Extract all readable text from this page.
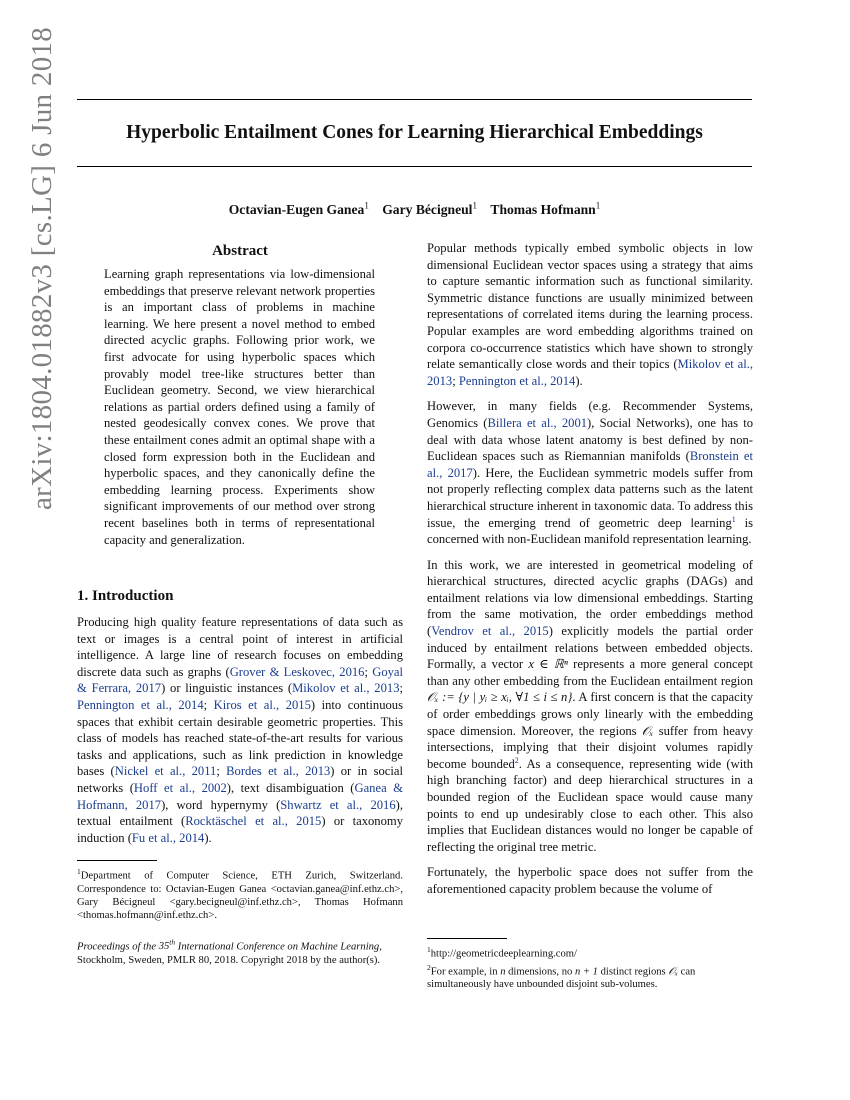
arXiv:1804.01882v3 [cs.LG] 6 Jun 2018	Hyperbolic Entailment Cones for Learning Hierarchical Embeddings
Octavian-Eugen Ganea$^1$ Gary Bécigneul$^1$ Thomas Hofmann$^1$
Abstract
Learning graph representations via low-dimensional embeddings that preserve relevant network properties is an important class of problems in machine learning. We here present a novel method to embed directed acyclic graphs. Following prior work, we first advocate for using hyperbolic spaces which provably model tree-like structures better than Euclidean geometry. Second, we view hierarchical relations as partial orders defined using a family of nested geodesically convex cones. We prove that these entailment cones admit an optimal shape with a closed form expression both in the Euclidean and hyperbolic spaces, and they canonically define the embedding learning process. Experiments show significant improvements of our method over strong recent baselines both in terms of representational capacity and generalization.
1. Introduction

Producing high quality feature representations of data such as text or images is a central point of interest in artificial intelligence. A large line of research focuses on embedding discrete data such as graphs (Grover & Leskovec, 2016; Goyal & Ferrara, 2017) or linguistic instances (Mikolov et al., 2013; Pennington et al., 2014; Kiros et al., 2015) into continuous spaces that exhibit certain desirable geometric properties. This class of models has reached state-of-the-art results for various tasks and applications, such as link prediction in knowledge bases (Nickel et al., 2011; Bordes et al., 2013) or in social networks (Hoff et al., 2002), text disambiguation (Ganea & Hofmann, 2017), word hypernymy (Shwartz et al., 2016), textual entailment (Rocktäschel et al., 2015) or taxonomy induction (Fu et al., 2014).

$^1$Department of Computer Science, ETH Zurich, Switzerland. Correspondence to: Octavian-Eugen Ganea <octavian.ganea@inf.ethz.ch>, Gary Bécigneul <gary.becigneul@inf.ethz.ch>, Thomas Hofmann <thomas.hofmann@inf.ethz.ch>.
Proceedings of the 35th International Conference on Machine Learning, Stockholm, Sweden, PMLR 80, 2018. Copyright 2018 by the author(s).

Popular methods typically embed symbolic objects in low dimensional Euclidean vector spaces using a strategy that aims to capture semantic information such as functional similarity. Symmetric distance functions are usually minimized between representations of correlated items during the learning process. Popular examples are word embedding algorithms trained on corpora co-occurrence statistics which have shown to strongly relate semantically close words and their topics (Mikolov et al., 2013; Pennington et al., 2014).

However, in many fields (e.g. Recommender Systems, Genomics (Billera et al., 2001), Social Networks), one has to deal with data whose latent anatomy is best defined by non-Euclidean spaces such as Riemannian manifolds (Bronstein et al., 2017). Here, the Euclidean symmetric models suffer from not properly reflecting complex data patterns such as the latent hierarchical structure inherent in taxonomic data. To address this issue, the emerging trend of geometric deep learning$^1$ is concerned with non-Euclidean manifold representation learning.

In this work, we are interested in geometrical modeling of hierarchical structures, directed acyclic graphs (DAGs) and entailment relations via low dimensional embeddings. Starting from the same motivation, the order embeddings method (Vendrov et al., 2015) explicitly models the partial order induced by entailment relations between embedded objects. Formally, a vector x ∈ ℝⁿ represents a more general concept than any other embedding from the Euclidean entailment region 𝒪ₓ := {y | yᵢ ≥ xᵢ, ∀1 ≤ i ≤ n}. A first concern is that the capacity of order embeddings grows only linearly with the embedding space dimension. Moreover, the regions 𝒪ₓ suffer from heavy intersections, implying that their disjoint volumes rapidly become bounded$^2$. As a consequence, representing wide (with high branching factor) and deep hierarchical structures in a bounded region of the Euclidean space would cause many points to end up undesirably close to each other. This also implies that Euclidean distances would no longer be capable of reflecting the original tree metric.

Fortunately, the hyperbolic space does not suffer from the aforementioned capacity problem because the volume of

$^1$http://geometricdeeplearning.com/
$^2$For example, in n dimensions, no n + 1 distinct regions 𝒪ₓ can simultaneously have unbounded disjoint sub-volumes.
